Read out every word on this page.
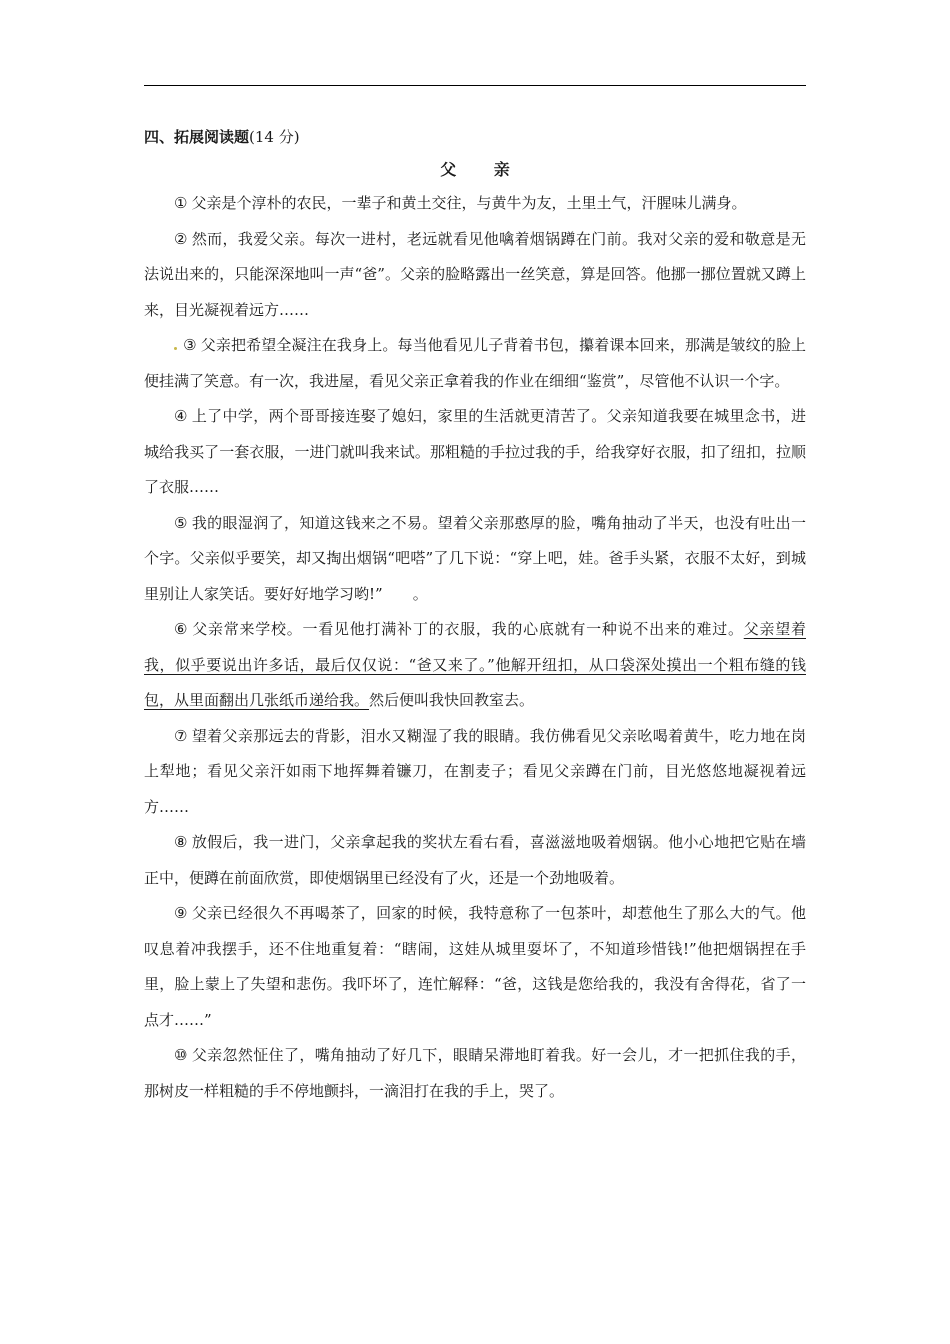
四、拓展阅读题(14 分)

父 亲

① 父亲是个淳朴的农民，一辈子和黄土交往，与黄牛为友，土里土气，汗腥味儿满身。

② 然而，我爱父亲。每次一进村，老远就看见他噙着烟锅蹲在门前。我对父亲的爱和敬意是无法说出来的，只能深深地叫一声“爸”。父亲的脸略露出一丝笑意，算是回答。他挪一挪位置就又蹲上来，目光凝视着远方……

③ 父亲把希望全凝注在我身上。每当他看见儿子背着书包，攥着课本回来，那满是皱纹的脸上便挂满了笑意。有一次，我进屋，看见父亲正拿着我的作业在细细“鉴赏”，尽管他不认识一个字。

④ 上了中学，两个哥哥接连娶了媳妇，家里的生活就更清苦了。父亲知道我要在城里念书，进城给我买了一套衣服，一进门就叫我来试。那粗糙的手拉过我的手，给我穿好衣服，扣了纽扣，拉顺了衣服……

⑤ 我的眼湿润了，知道这钱来之不易。望着父亲那憨厚的脸，嘴角抽动了半天，也没有吐出一个字。父亲似乎要笑，却又掏出烟锅“吧嗒”了几下说：“穿上吧，娃。爸手头紧，衣服不太好，到城里别让人家笑话。要好好地学习哟!”　　。

⑥ 父亲常来学校。一看见他打满补丁的衣服，我的心底就有一种说不出来的难过。父亲望着我，似乎要说出许多话，最后仅仅说：“爸又来了。”他解开纽扣，从口袋深处摸出一个粗布缝的钱包，从里面翻出几张纸币递给我。然后便叫我快回教室去。

⑦ 望着父亲那远去的背影，泪水又糊湿了我的眼睛。我仿佛看见父亲吆喝着黄牛，吃力地在岗上犁地；看见父亲汗如雨下地挥舞着镰刀，在割麦子；看见父亲蹲在门前，目光悠悠地凝视着远方……

⑧ 放假后，我一进门，父亲拿起我的奖状左看右看，喜滋滋地吸着烟锅。他小心地把它贴在墙正中，便蹲在前面欣赏，即使烟锅里已经没有了火，还是一个劲地吸着。

⑨ 父亲已经很久不再喝茶了，回家的时候，我特意称了一包茶叶，却惹他生了那么大的气。他叹息着冲我摆手，还不住地重复着：“瞎闹，这娃从城里耍坏了，不知道珍惜钱!”他把烟锅捏在手里，脸上蒙上了失望和悲伤。我吓坏了，连忙解释：“爸，这钱是您给我的，我没有舍得花，省了一点才……”

⑩ 父亲忽然怔住了，嘴角抽动了好几下，眼睛呆滞地盯着我。好一会儿，才一把抓住我的手，那树皮一样粗糙的手不停地颤抖，一滴泪打在我的手上，哭了。
